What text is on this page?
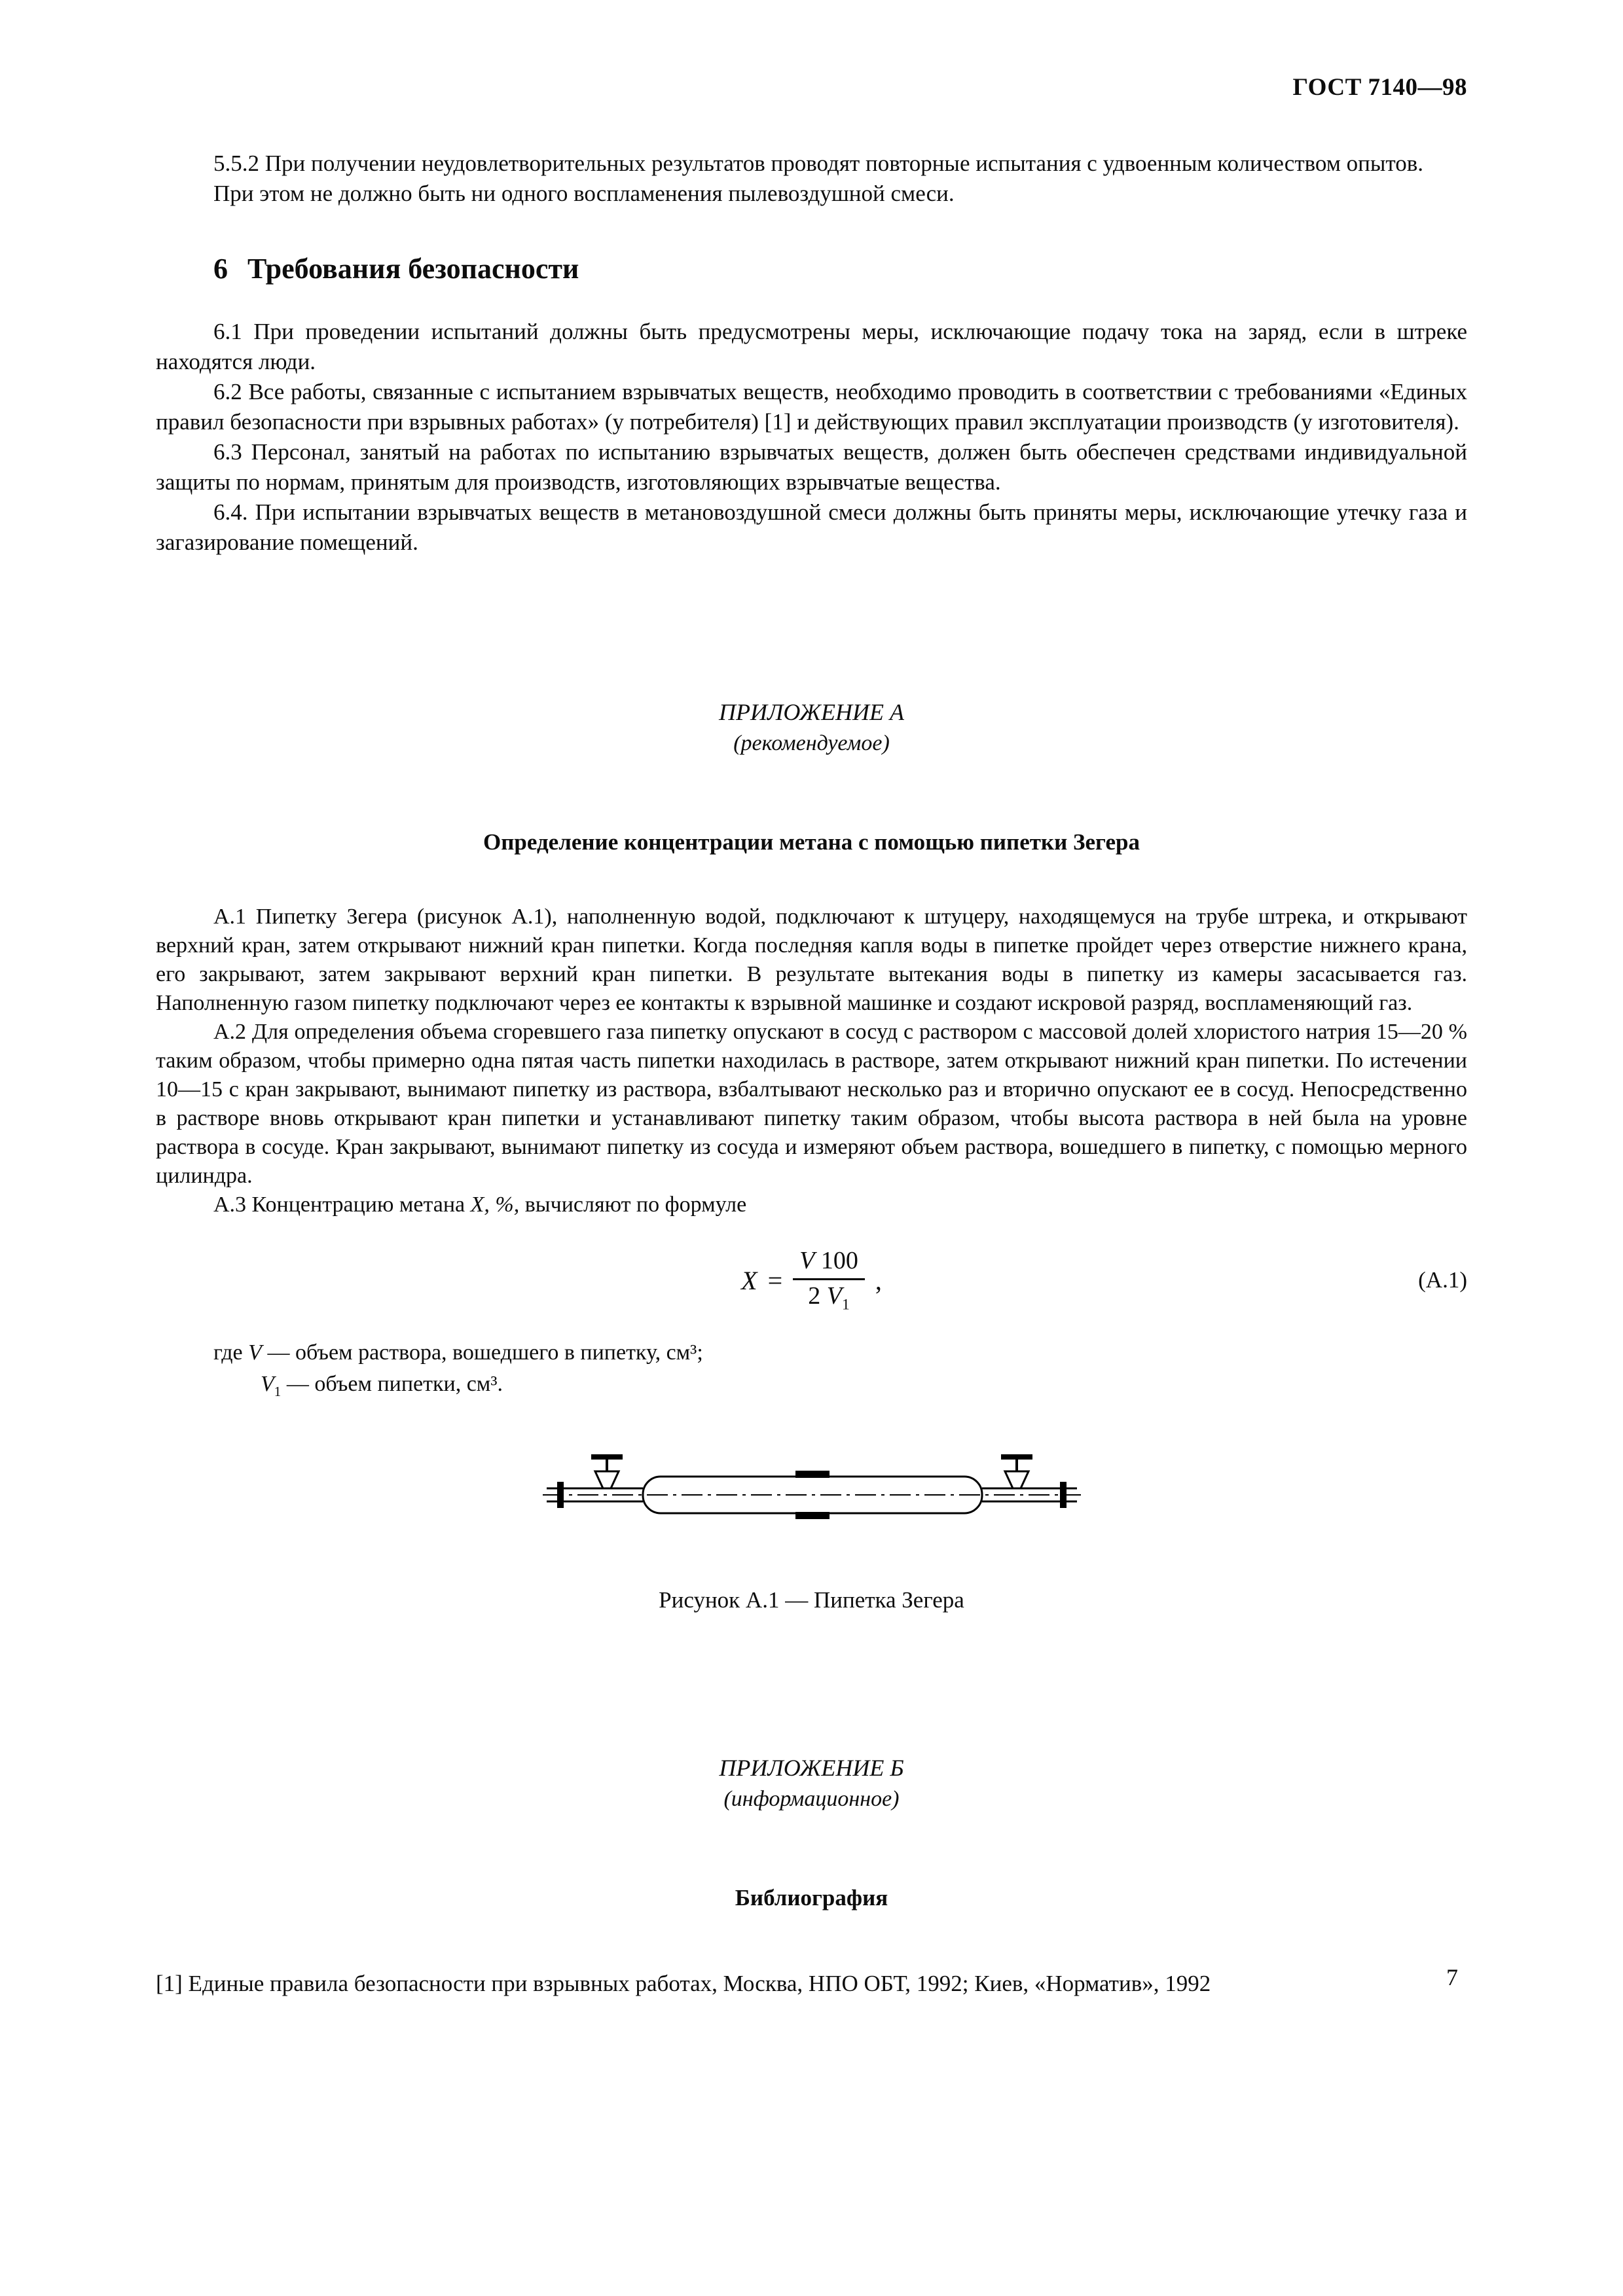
ГОСТ 7140—98

5.5.2 При получении неудовлетворительных результатов проводят повторные испытания с удвоенным количеством опытов.

При этом не должно быть ни одного воспламенения пылевоздушной смеси.

6 Требования безопасности

6.1 При проведении испытаний должны быть предусмотрены меры, исключающие подачу тока на заряд, если в штреке находятся люди.

6.2 Все работы, связанные с испытанием взрывчатых веществ, необходимо проводить в соответствии с требованиями «Единых правил безопасности при взрывных работах» (у потребителя) [1] и действующих правил эксплуатации производств (у изготовителя).

6.3 Персонал, занятый на работах по испытанию взрывчатых веществ, должен быть обеспечен средствами индивидуальной защиты по нормам, принятым для производств, изготовляющих взрывчатые вещества.

6.4. При испытании взрывчатых веществ в метановоздушной смеси должны быть приняты меры, исключающие утечку газа и загазирование помещений.

ПРИЛОЖЕНИЕ А

(рекомендуемое)

Определение концентрации метана с помощью пипетки Зегера

А.1 Пипетку Зегера (рисунок А.1), наполненную водой, подключают к штуцеру, находящемуся на трубе штрека, и открывают верхний кран, затем открывают нижний кран пипетки. Когда последняя капля воды в пипетке пройдет через отверстие нижнего крана, его закрывают, затем закрывают верхний кран пипетки. В результате вытекания воды в пипетку из камеры засасывается газ. Наполненную газом пипетку подключают через ее контакты к взрывной машинке и создают искровой разряд, воспламеняющий газ.

А.2 Для определения объема сгоревшего газа пипетку опускают в сосуд с раствором с массовой долей хлористого натрия 15—20 % таким образом, чтобы примерно одна пятая часть пипетки находилась в растворе, затем открывают нижний кран пипетки. По истечении 10—15 с кран закрывают, вынимают пипетку из раствора, взбалтывают несколько раз и вторично опускают ее в сосуд. Непосредственно в растворе вновь открывают кран пипетки и устанавливают пипетку таким образом, чтобы высота раствора в ней была на уровне раствора в сосуде. Кран закрывают, вынимают пипетку из сосуда и измеряют объем раствора, вошедшего в пипетку, с помощью мерного цилиндра.

А.3 Концентрацию метана X, %, вычисляют по формуле

$X = \frac{V 100}{2 V_1}$ ,	(А.1)

где V — объем раствора, вошедшего в пипетку, см³;

$V_1$ — объем пипетки, см³.

Рисунок А.1 — Пипетка Зегера

ПРИЛОЖЕНИЕ Б

(информационное)

Библиография

[1] Единые правила безопасности при взрывных работах, Москва, НПО ОБТ, 1992; Киев, «Норматив», 1992	7
